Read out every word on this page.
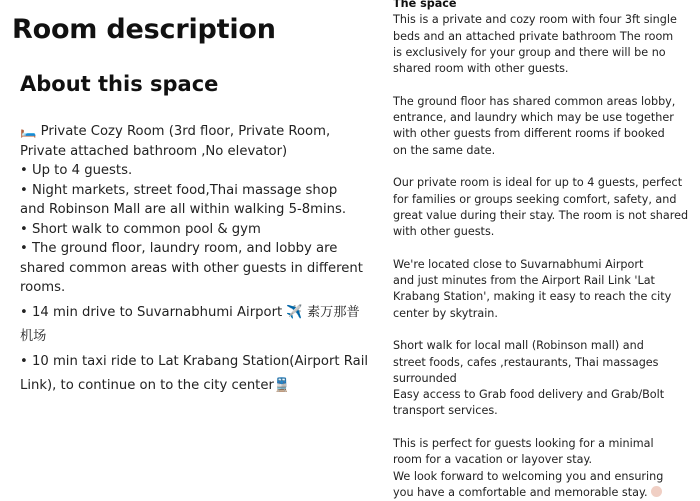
Room description
About this space
🛏️ Private Cozy Room (3rd floor, Private Room,
Private attached bathroom ,No elevator)
• Up to 4 guests.
• Night markets, street food,Thai massage shop
and Robinson Mall are all within walking 5-8mins.
• Short walk to common pool & gym
• The ground floor, laundry room, and lobby are
shared common areas with other guests in different
rooms.
• 14 min drive to Suvarnabhumi Airport ✈️ 素万那普
机场
• 10 min taxi ride to Lat Krabang Station(Airport Rail
Link), to continue on to the city center🚆
The space
This is a private and cozy room with four 3ft single
beds and an attached private bathroom The room
is exclusively for your group and there will be no
shared room with other guests.
The ground floor has shared common areas lobby,
entrance, and laundry which may be use together
with other guests from different rooms if booked
on the same date.
Our private room is ideal for up to 4 guests, perfect
for families or groups seeking comfort, safety, and
great value during their stay. The room is not shared
with other guests.
We're located close to Suvarnabhumi Airport
and just minutes from the Airport Rail Link 'Lat
Krabang Station', making it easy to reach the city
center by skytrain.
Short walk for local mall (Robinson mall) and
street foods, cafes ,restaurants, Thai massages
surrounded
Easy access to Grab food delivery and Grab/Bolt
transport services.
This is perfect for guests looking for a minimal
room for a vacation or layover stay.
We look forward to welcoming you and ensuring
you have a comfortable and memorable stay.
